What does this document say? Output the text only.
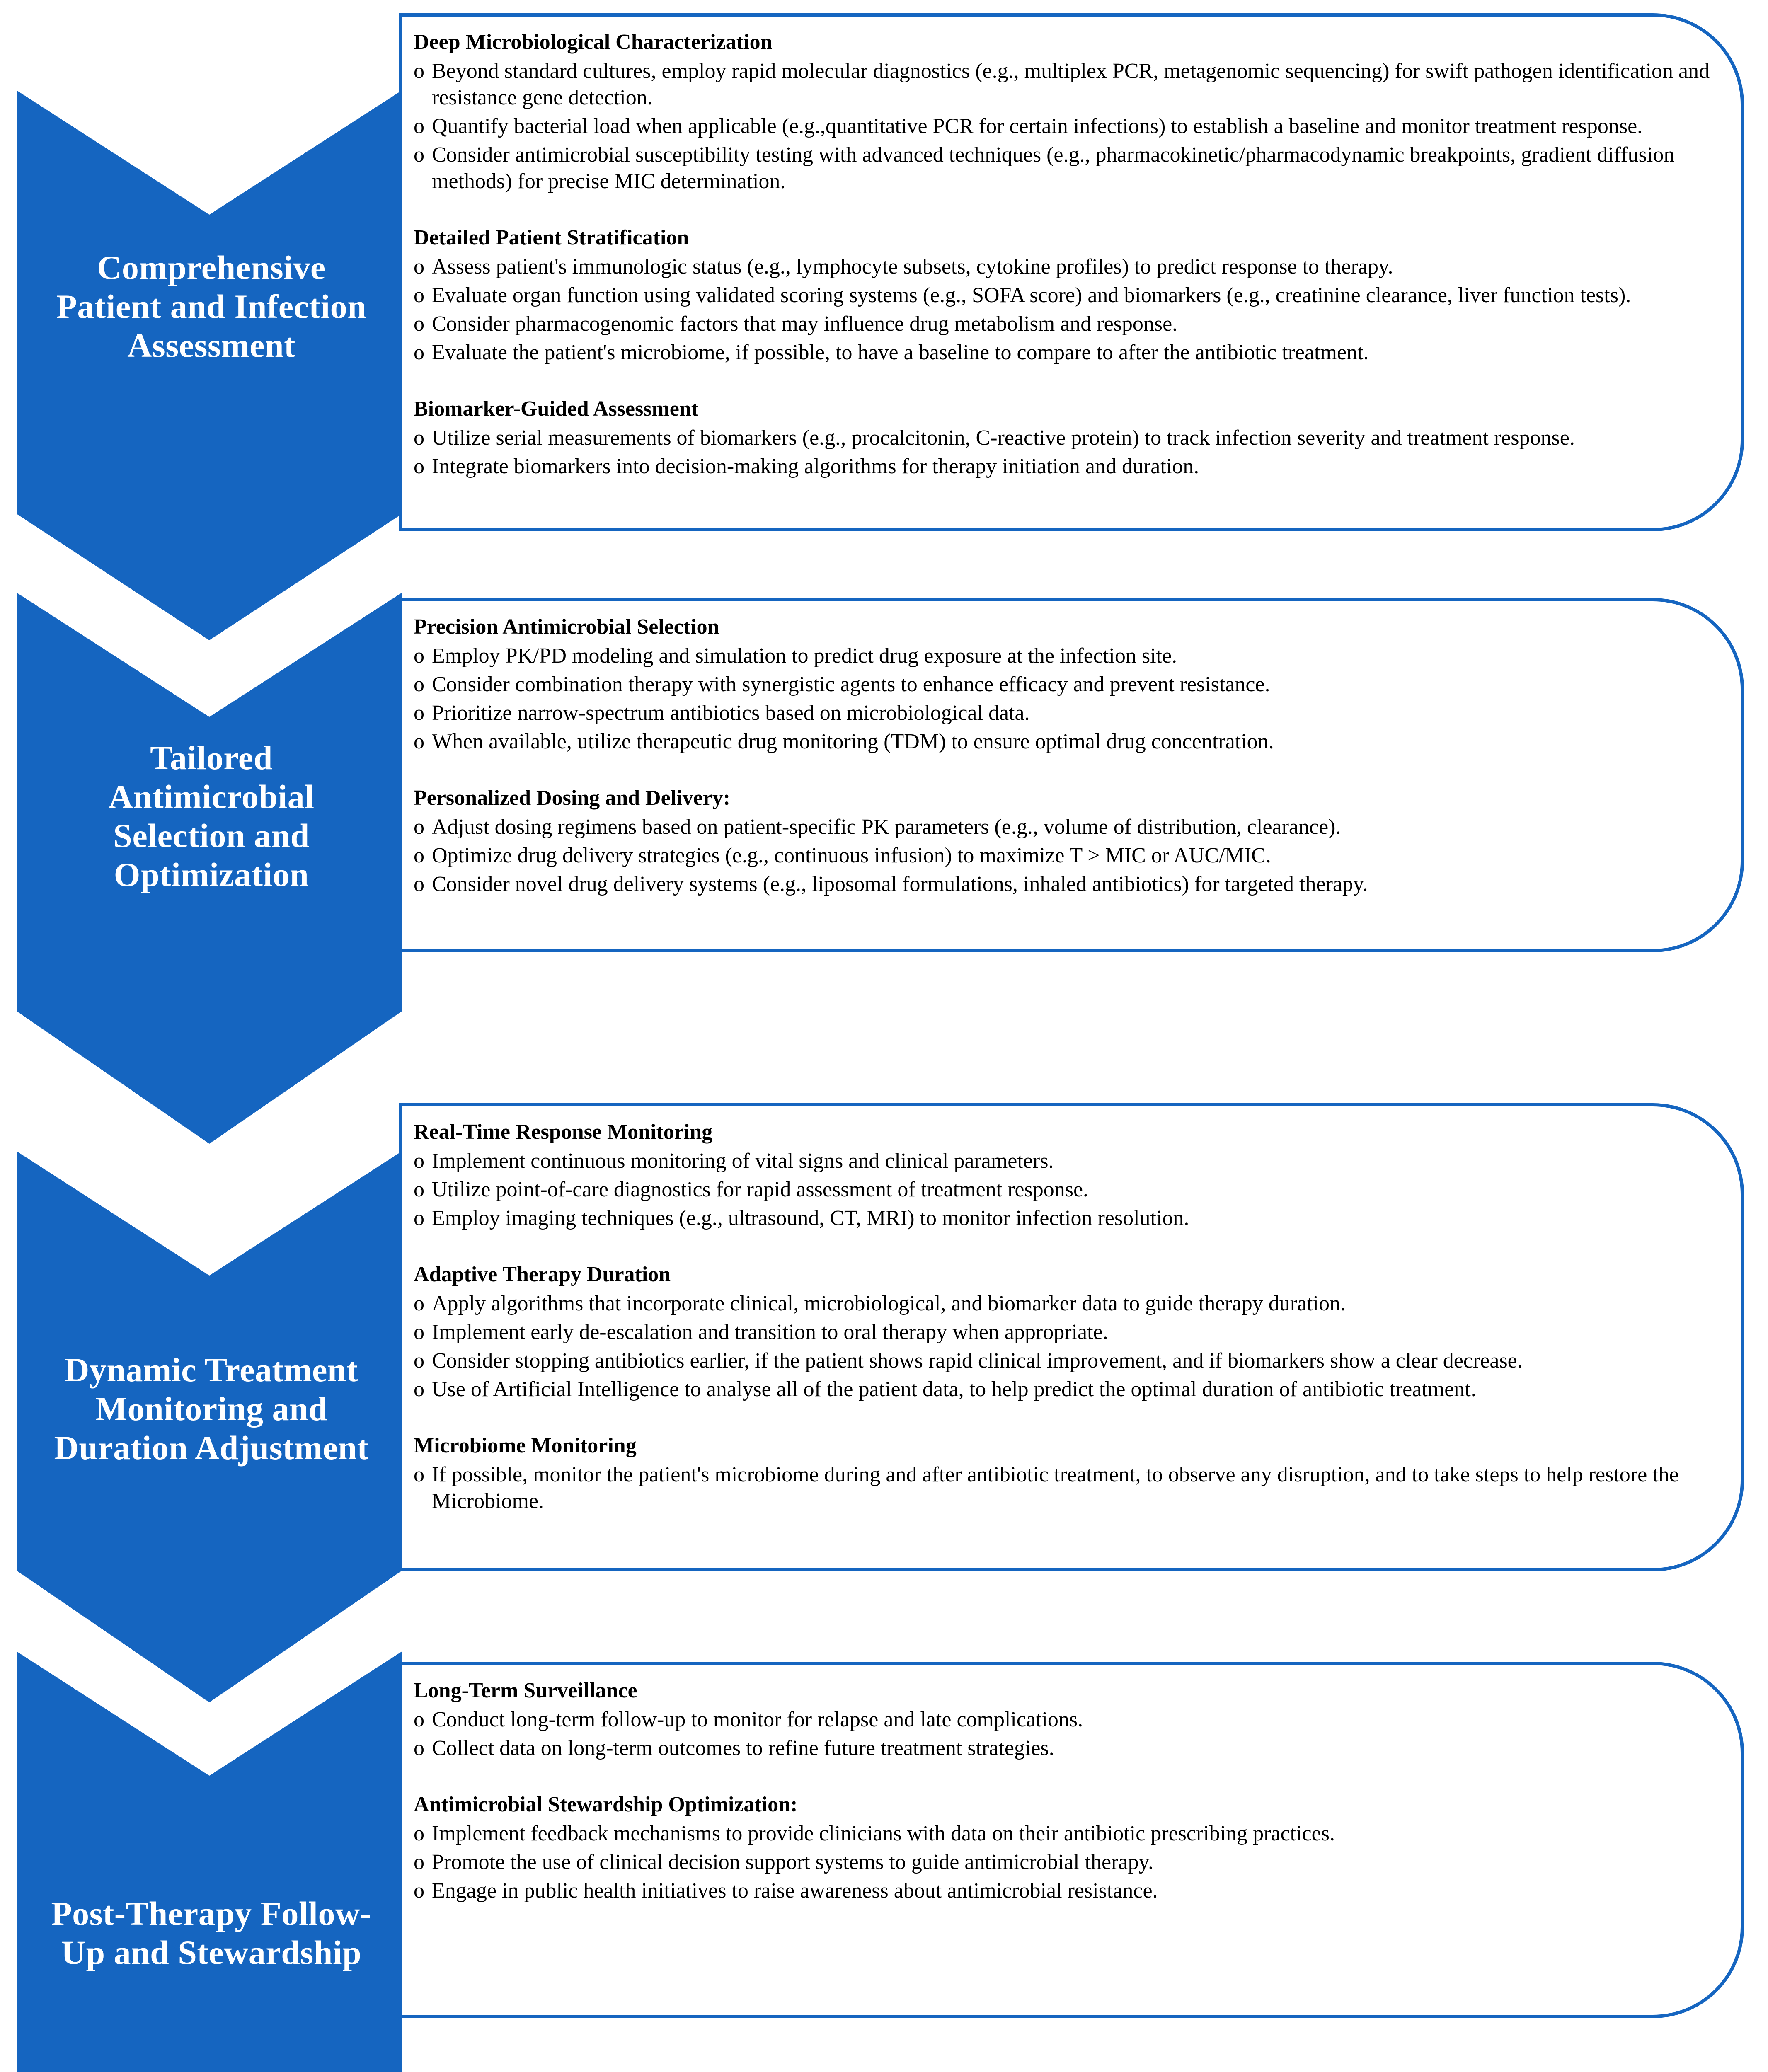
Comprehensive
Patient and Infection
Assessment
Deep Microbiological Characterization
o Beyond standard cultures, employ rapid molecular diagnostics (e.g., multiplex PCR, metagenomic sequencing) for swift pathogen identification and resistance gene detection.
o Quantify bacterial load when applicable (e.g.,quantitative PCR for certain infections) to establish a baseline and monitor treatment response.
o Consider antimicrobial susceptibility testing with advanced techniques (e.g., pharmacokinetic/pharmacodynamic breakpoints, gradient diffusion methods) for precise MIC determination.
Detailed Patient Stratification
o Assess patient's immunologic status (e.g., lymphocyte subsets, cytokine profiles) to predict response to therapy.
o Evaluate organ function using validated scoring systems (e.g., SOFA score) and biomarkers (e.g., creatinine clearance, liver function tests).
o Consider pharmacogenomic factors that may influence drug metabolism and response.
o Evaluate the patient's microbiome, if possible, to have a baseline to compare to after the antibiotic treatment.
Biomarker-Guided Assessment
o Utilize serial measurements of biomarkers (e.g., procalcitonin, C-reactive protein) to track infection severity and treatment response.
o Integrate biomarkers into decision-making algorithms for therapy initiation and duration.
Tailored
Antimicrobial
Selection and
Optimization
Precision Antimicrobial Selection
o Employ PK/PD modeling and simulation to predict drug exposure at the infection site.
o Consider combination therapy with synergistic agents to enhance efficacy and prevent resistance.
o Prioritize narrow-spectrum antibiotics based on microbiological data.
o When available, utilize therapeutic drug monitoring (TDM) to ensure optimal drug concentration.
Personalized Dosing and Delivery:
o Adjust dosing regimens based on patient-specific PK parameters (e.g., volume of distribution, clearance).
o Optimize drug delivery strategies (e.g., continuous infusion) to maximize T > MIC or AUC/MIC.
o Consider novel drug delivery systems (e.g., liposomal formulations, inhaled antibiotics) for targeted therapy.
Dynamic Treatment
Monitoring and
Duration Adjustment
Real-Time Response Monitoring
o Implement continuous monitoring of vital signs and clinical parameters.
o Utilize point-of-care diagnostics for rapid assessment of treatment response.
o Employ imaging techniques (e.g., ultrasound, CT, MRI) to monitor infection resolution.
Adaptive Therapy Duration
o Apply algorithms that incorporate clinical, microbiological, and biomarker data to guide therapy duration.
o Implement early de-escalation and transition to oral therapy when appropriate.
o Consider stopping antibiotics earlier, if the patient shows rapid clinical improvement, and if biomarkers show a clear decrease.
o Use of Artificial Intelligence to analyse all of the patient data, to help predict the optimal duration of antibiotic treatment.
Microbiome Monitoring
o If possible, monitor the patient's microbiome during and after antibiotic treatment, to observe any disruption, and to take steps to help restore the Microbiome.
Post-Therapy Follow-
Up and Stewardship
Long-Term Surveillance
o Conduct long-term follow-up to monitor for relapse and late complications.
o Collect data on long-term outcomes to refine future treatment strategies.
Antimicrobial Stewardship Optimization:
o Implement feedback mechanisms to provide clinicians with data on their antibiotic prescribing practices.
o Promote the use of clinical decision support systems to guide antimicrobial therapy.
o Engage in public health initiatives to raise awareness about antimicrobial resistance.
